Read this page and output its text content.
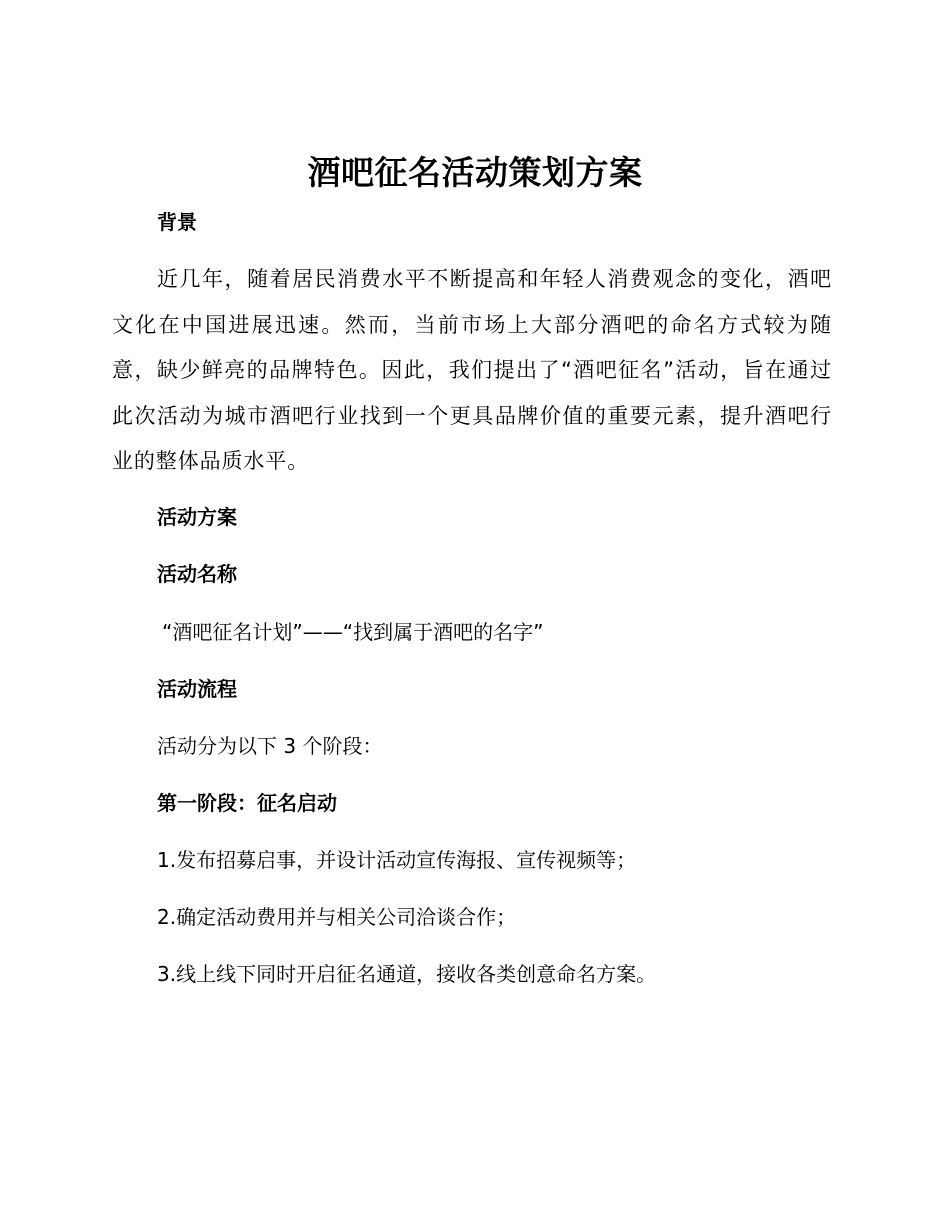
酒吧征名活动策划方案
背景

近几年，随着居民消费水平不断提高和年轻人消费观念的变化，酒吧文化在中国进展迅速。然而，当前市场上大部分酒吧的命名方式较为随意，缺少鲜亮的品牌特色。因此，我们提出了“酒吧征名”活动，旨在通过此次活动为城市酒吧行业找到一个更具品牌价值的重要元素，提升酒吧行业的整体品质水平。

活动方案
活动名称

“酒吧征名计划”——“找到属于酒吧的名字”

活动流程

活动分为以下 3 个阶段：

第一阶段：征名启动

1.发布招募启事，并设计活动宣传海报、宣传视频等；

2.确定活动费用并与相关公司洽谈合作；

3.线上线下同时开启征名通道，接收各类创意命名方案。
